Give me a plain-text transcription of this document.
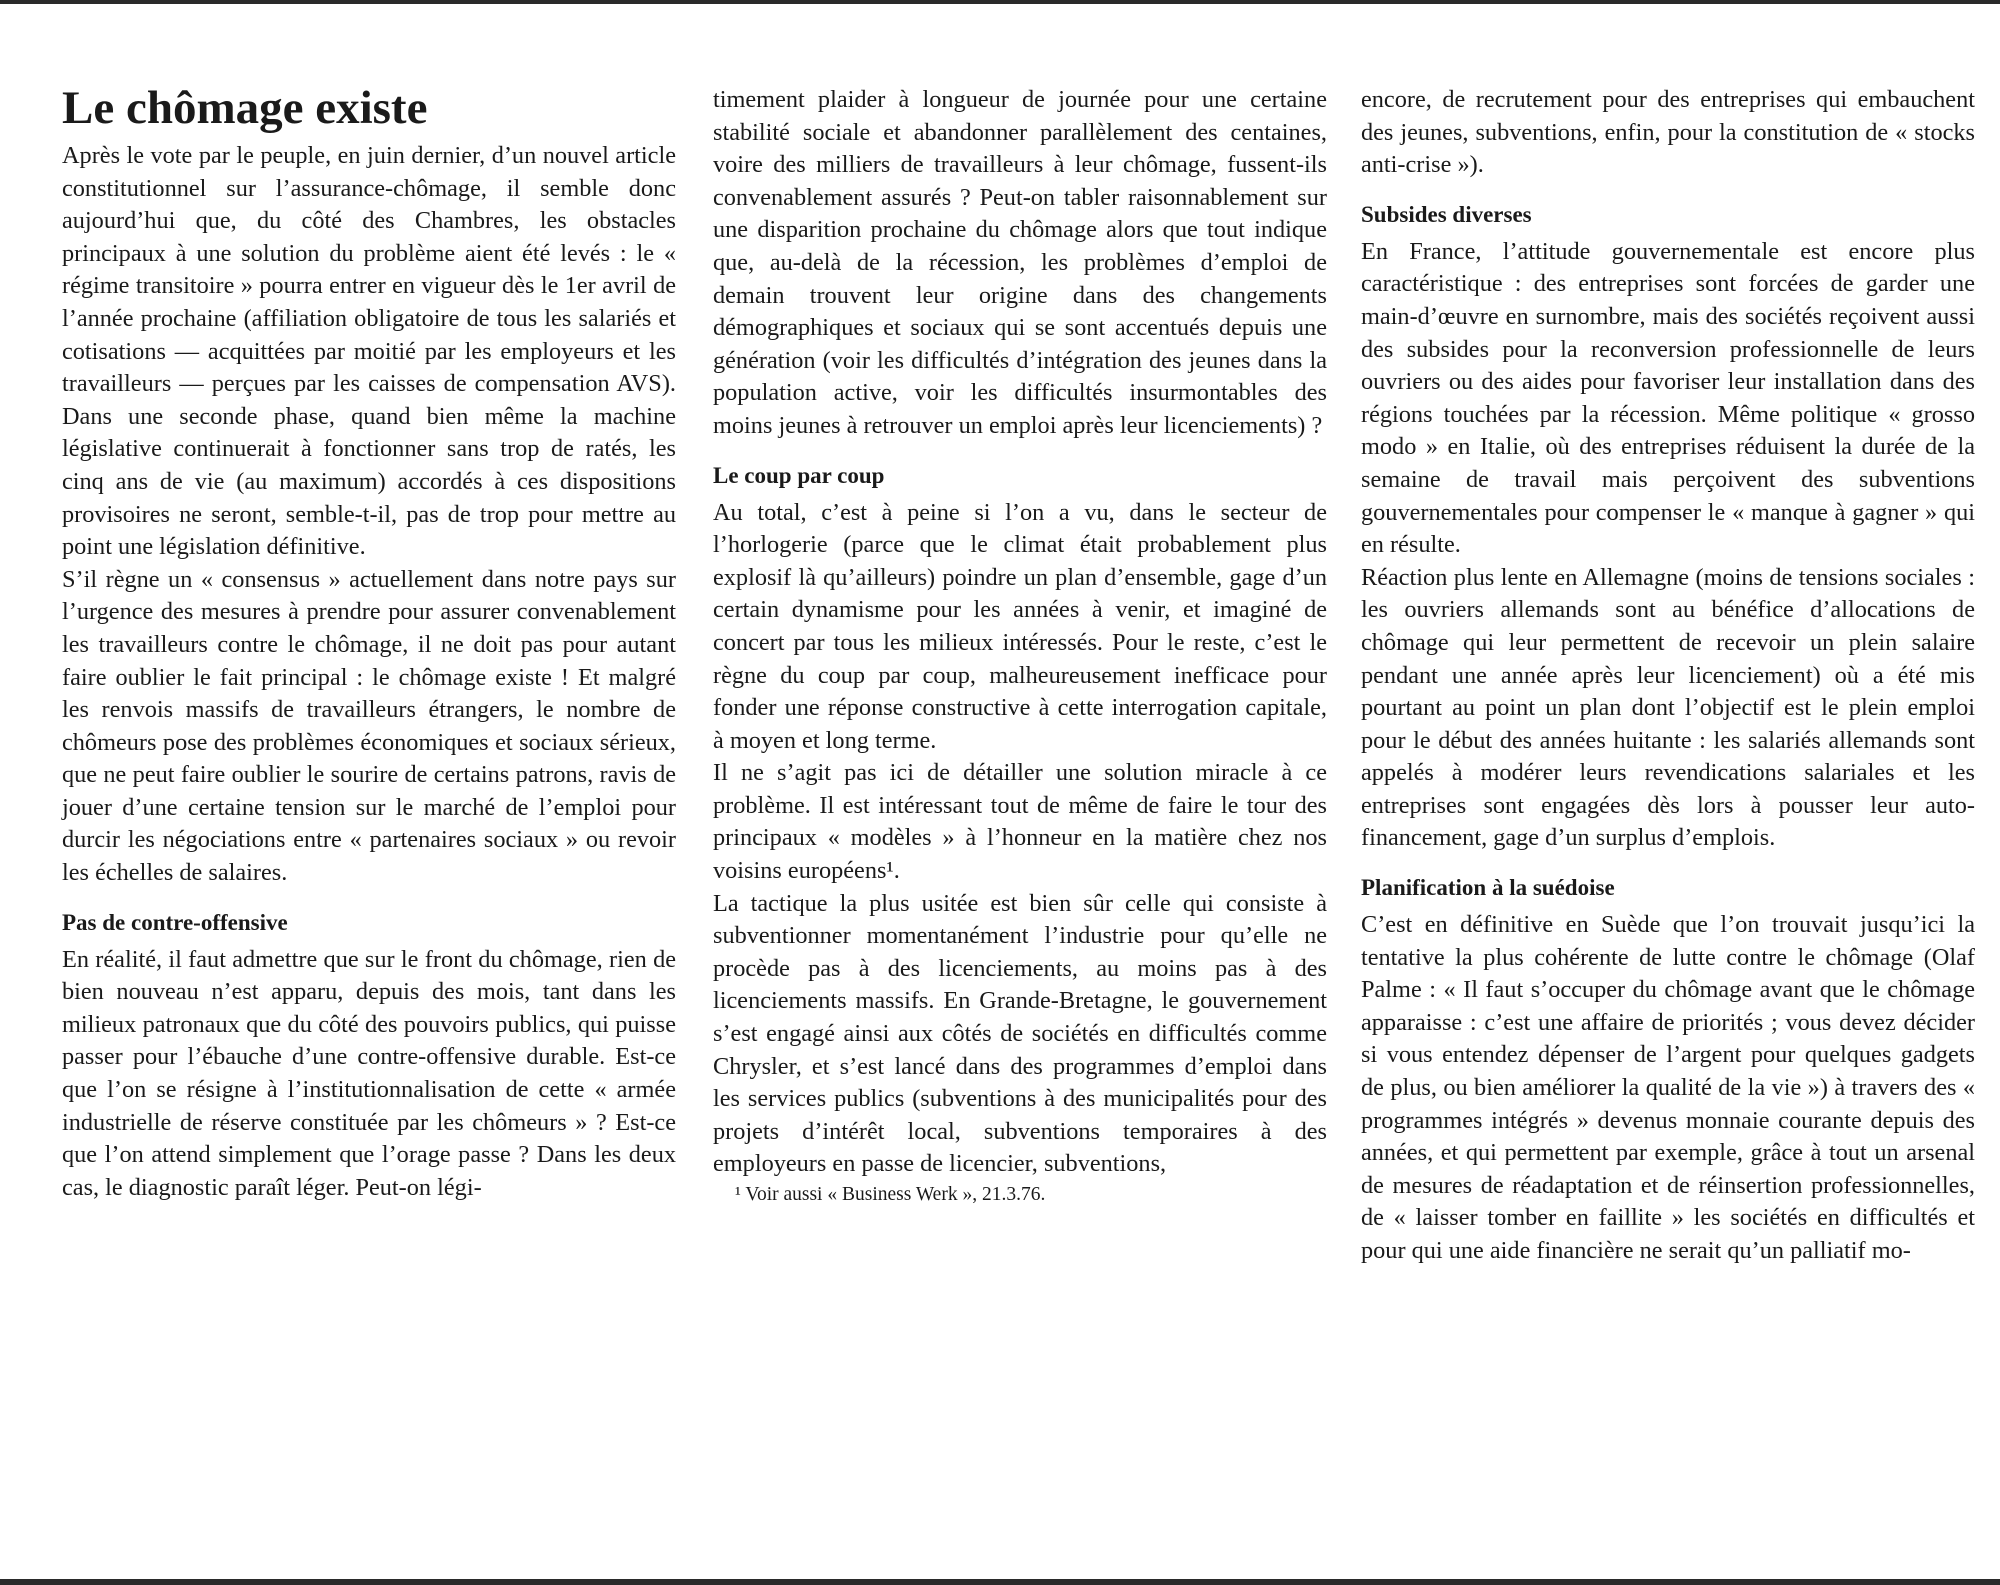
Le chômage existe

Après le vote par le peuple, en juin dernier, d’un nouvel article constitutionnel sur l’assurance-chômage, il semble donc aujourd’hui que, du côté des Chambres, les obstacles principaux à une solution du problème aient été levés : le « régime transitoire » pourra entrer en vigueur dès le 1er avril de l’année prochaine (affiliation obligatoire de tous les salariés et cotisations — acquittées par moitié par les employeurs et les travailleurs — perçues par les caisses de compensation AVS). Dans une seconde phase, quand bien même la machine législative continuerait à fonctionner sans trop de ratés, les cinq ans de vie (au maximum) accordés à ces dispositions provisoires ne seront, semble-t-il, pas de trop pour mettre au point une législation définitive.

S’il règne un « consensus » actuellement dans notre pays sur l’urgence des mesures à prendre pour assurer convenablement les travailleurs contre le chômage, il ne doit pas pour autant faire oublier le fait principal : le chômage existe ! Et malgré les renvois massifs de travailleurs étrangers, le nombre de chômeurs pose des problèmes économiques et sociaux sérieux, que ne peut faire oublier le sourire de certains patrons, ravis de jouer d’une certaine tension sur le marché de l’emploi pour durcir les négociations entre « partenaires sociaux » ou revoir les échelles de salaires.

Pas de contre-offensive

En réalité, il faut admettre que sur le front du chômage, rien de bien nouveau n’est apparu, depuis des mois, tant dans les milieux patronaux que du côté des pouvoirs publics, qui puisse passer pour l’ébauche d’une contre-offensive durable. Est-ce que l’on se résigne à l’institutionnalisation de cette « armée industrielle de réserve constituée par les chômeurs » ? Est-ce que l’on attend simplement que l’orage passe ? Dans les deux cas, le diagnostic paraît léger. Peut-on légi-

timement plaider à longueur de journée pour une certaine stabilité sociale et abandonner parallèlement des centaines, voire des milliers de travailleurs à leur chômage, fussent-ils convenablement assurés ? Peut-on tabler raisonnablement sur une disparition prochaine du chômage alors que tout indique que, au-delà de la récession, les problèmes d’emploi de demain trouvent leur origine dans des changements démographiques et sociaux qui se sont accentués depuis une génération (voir les difficultés d’intégration des jeunes dans la population active, voir les difficultés insurmontables des moins jeunes à retrouver un emploi après leur licenciements) ?

Le coup par coup

Au total, c’est à peine si l’on a vu, dans le secteur de l’horlogerie (parce que le climat était probablement plus explosif là qu’ailleurs) poindre un plan d’ensemble, gage d’un certain dynamisme pour les années à venir, et imaginé de concert par tous les milieux intéressés. Pour le reste, c’est le règne du coup par coup, malheureusement inefficace pour fonder une réponse constructive à cette interrogation capitale, à moyen et long terme.

Il ne s’agit pas ici de détailler une solution miracle à ce problème. Il est intéressant tout de même de faire le tour des principaux « modèles » à l’honneur en la matière chez nos voisins européens¹.

La tactique la plus usitée est bien sûr celle qui consiste à subventionner momentanément l’industrie pour qu’elle ne procède pas à des licenciements, au moins pas à des licenciements massifs. En Grande-Bretagne, le gouvernement s’est engagé ainsi aux côtés de sociétés en difficultés comme Chrysler, et s’est lancé dans des programmes d’emploi dans les services publics (subventions à des municipalités pour des projets d’intérêt local, subventions temporaires à des employeurs en passe de licencier, subventions,

¹ Voir aussi « Business Werk », 21.3.76.

encore, de recrutement pour des entreprises qui embauchent des jeunes, subventions, enfin, pour la constitution de « stocks anti-crise »).

Subsides diverses

En France, l’attitude gouvernementale est encore plus caractéristique : des entreprises sont forcées de garder une main-d’œuvre en surnombre, mais des sociétés reçoivent aussi des subsides pour la reconversion professionnelle de leurs ouvriers ou des aides pour favoriser leur installation dans des régions touchées par la récession. Même politique « grosso modo » en Italie, où des entreprises réduisent la durée de la semaine de travail mais perçoivent des subventions gouvernementales pour compenser le « manque à gagner » qui en résulte.

Réaction plus lente en Allemagne (moins de tensions sociales : les ouvriers allemands sont au bénéfice d’allocations de chômage qui leur permettent de recevoir un plein salaire pendant une année après leur licenciement) où a été mis pourtant au point un plan dont l’objectif est le plein emploi pour le début des années huitante : les salariés allemands sont appelés à modérer leurs revendications salariales et les entreprises sont engagées dès lors à pousser leur auto-financement, gage d’un surplus d’emplois.

Planification à la suédoise

C’est en définitive en Suède que l’on trouvait jusqu’ici la tentative la plus cohérente de lutte contre le chômage (Olaf Palme : « Il faut s’occuper du chômage avant que le chômage apparaisse : c’est une affaire de priorités ; vous devez décider si vous entendez dépenser de l’argent pour quelques gadgets de plus, ou bien améliorer la qualité de la vie ») à travers des « programmes intégrés » devenus monnaie courante depuis des années, et qui permettent par exemple, grâce à tout un arsenal de mesures de réadaptation et de réinsertion professionnelles, de « laisser tomber en faillite » les sociétés en difficultés et pour qui une aide financière ne serait qu’un palliatif mo-
